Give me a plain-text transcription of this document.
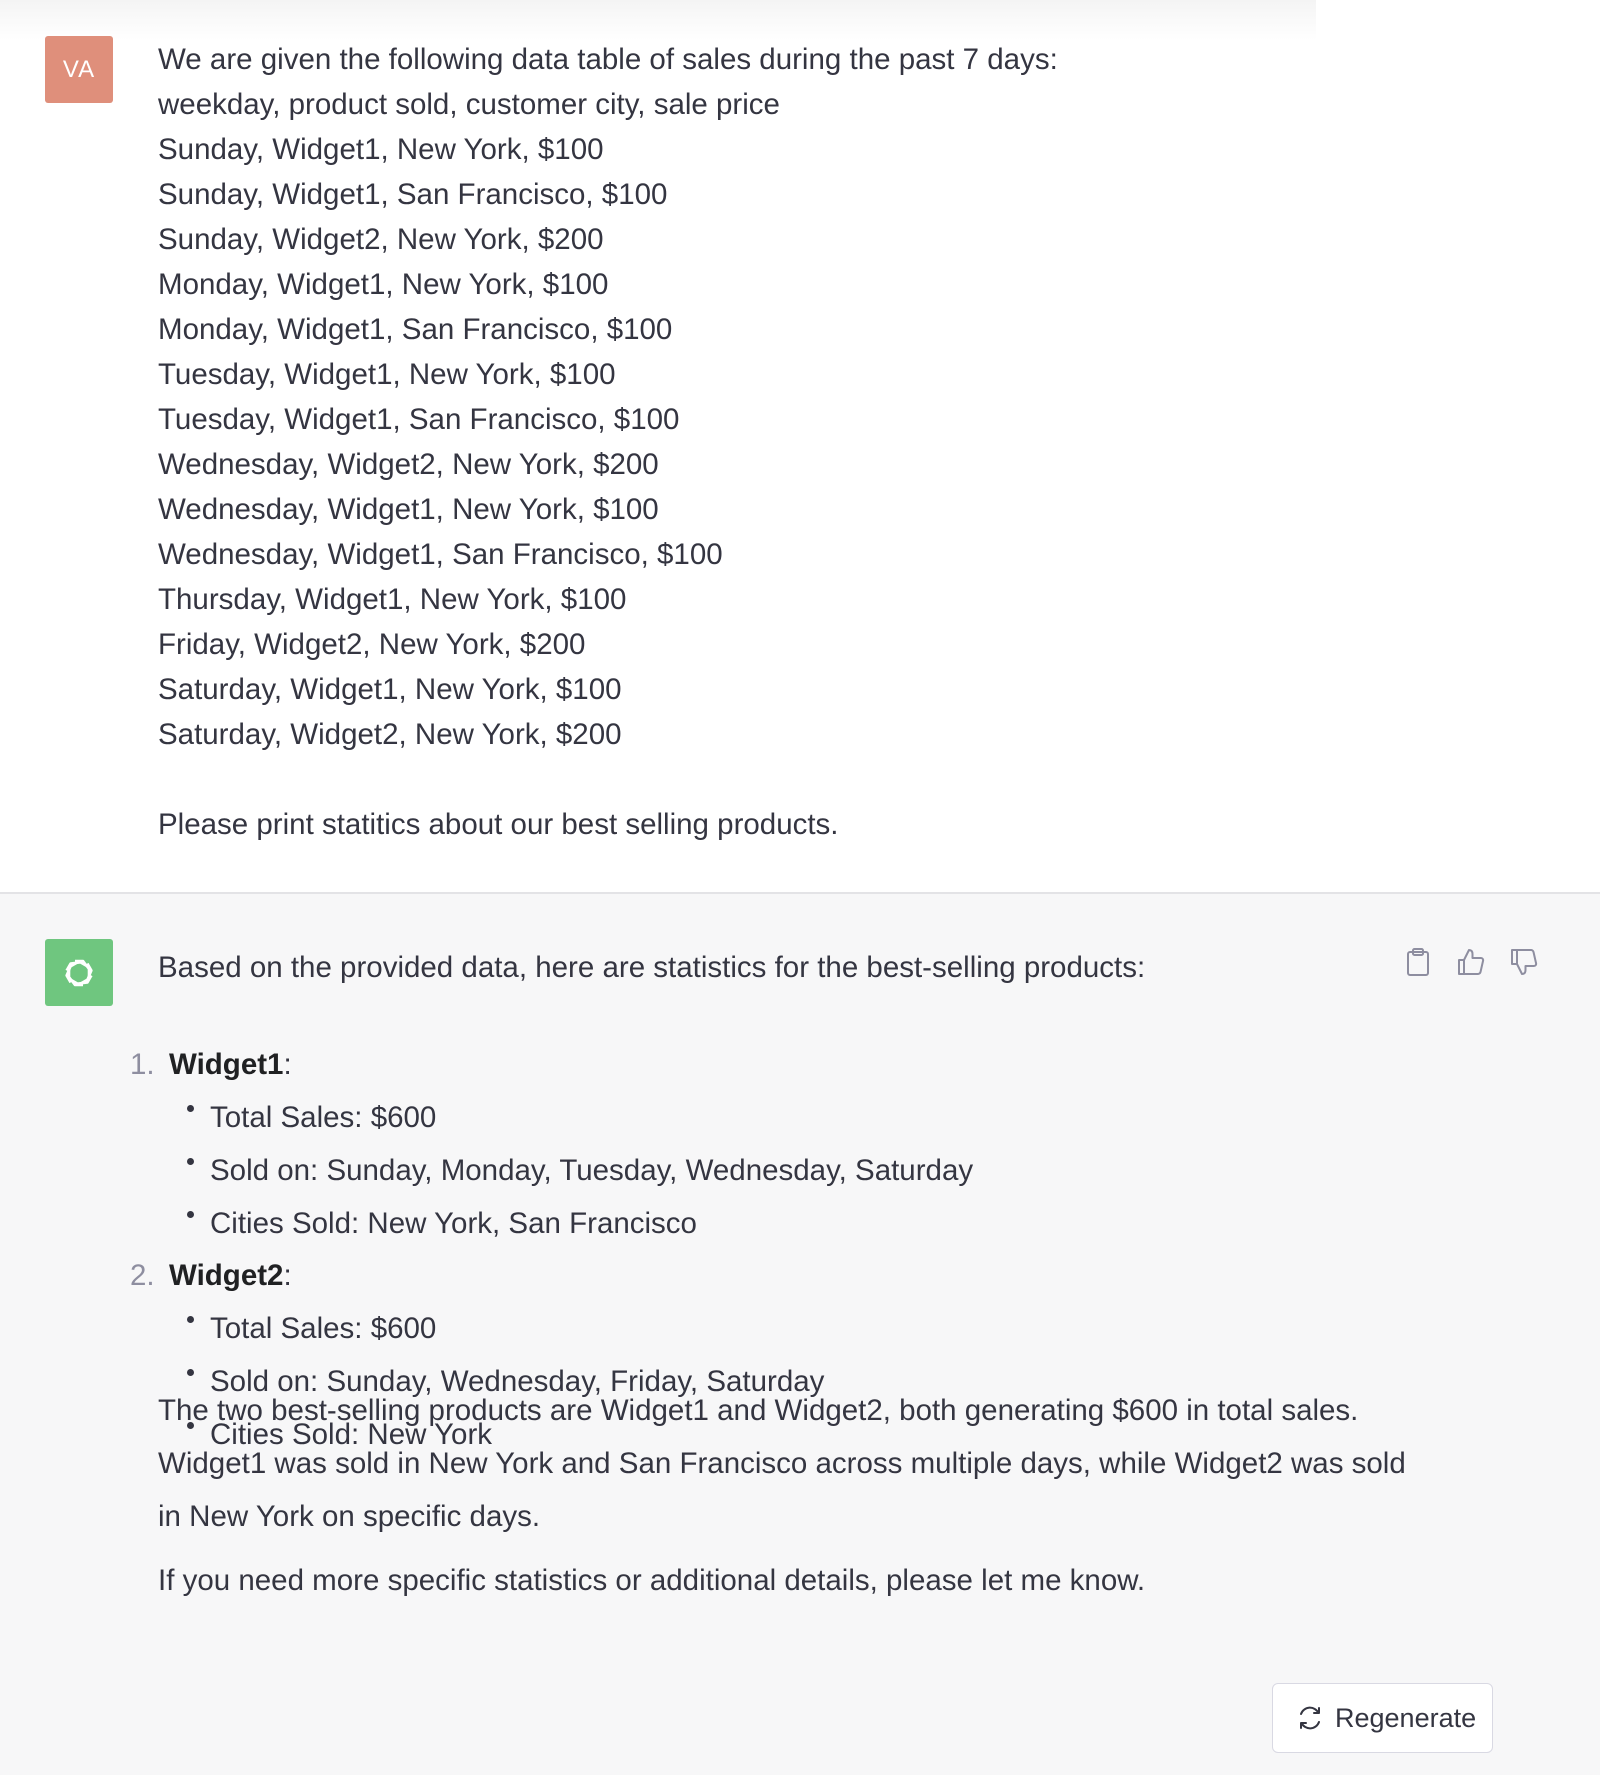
VA We are given the following data table of sales during the past 7 days:
weekday, product sold, customer city, sale price
Sunday, Widget1, New York, $100
Sunday, Widget1, San Francisco, $100
Sunday, Widget2, New York, $200
Monday, Widget1, New York, $100
Monday, Widget1, San Francisco, $100
Tuesday, Widget1, New York, $100
Tuesday, Widget1, San Francisco, $100
Wednesday, Widget2, New York, $200
Wednesday, Widget1, New York, $100
Wednesday, Widget1, San Francisco, $100
Thursday, Widget1, New York, $100
Friday, Widget2, New York, $200
Saturday, Widget1, New York, $100
Saturday, Widget2, New York, $200
Please print statitics about our best selling products.
Based on the provided data, here are statistics for the best-selling products:
1. Widget1:
Total Sales: $600
Sold on: Sunday, Monday, Tuesday, Wednesday, Saturday
Cities Sold: New York, San Francisco
2. Widget2:
Total Sales: $600
Sold on: Sunday, Wednesday, Friday, Saturday
Cities Sold: New York
The two best-selling products are Widget1 and Widget2, both generating $600 in total sales. Widget1 was sold in New York and San Francisco across multiple days, while Widget2 was sold in New York on specific days.
If you need more specific statistics or additional details, please let me know.
Regenerate
